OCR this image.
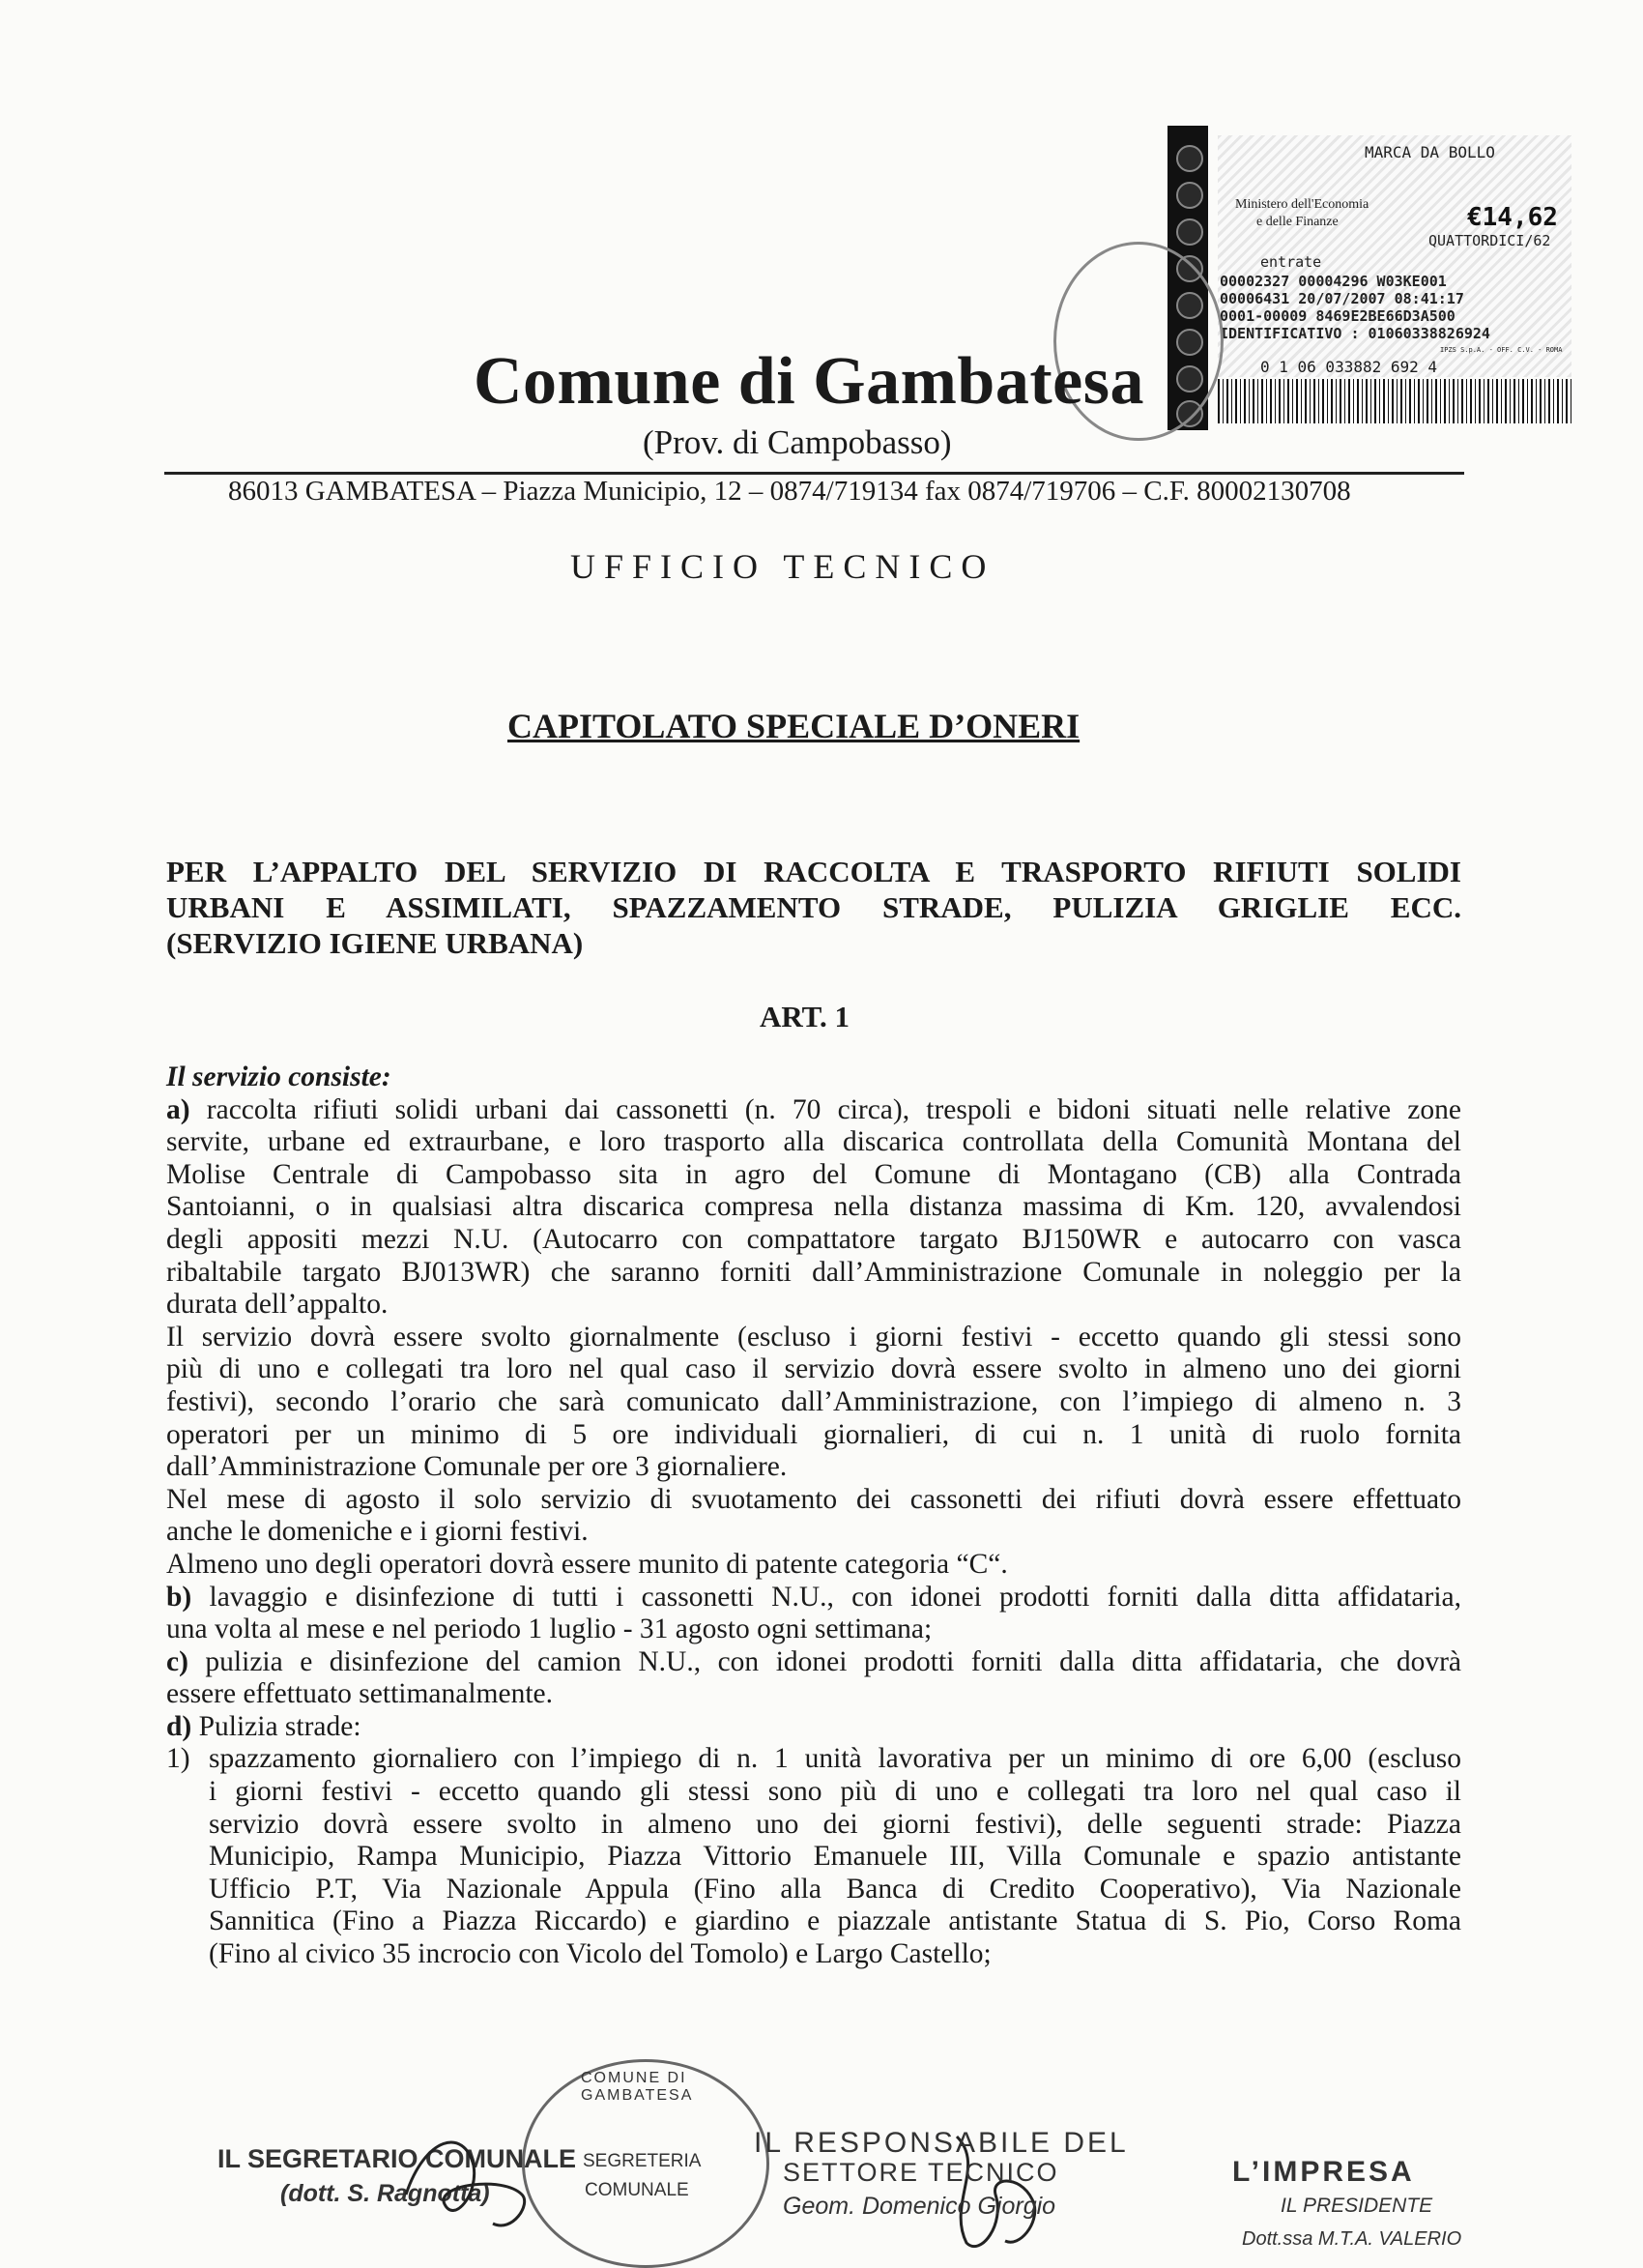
MARCA DA BOLLO
Ministero dell'Economia
e delle Finanze	€14,62
QUATTORDICI/62
entrate
00002327 00004296 W03KE001
00006431 20/07/2007 08:41:17
0001-00009 8469E2BE66D3A500
IDENTIFICATIVO : 01060338826924
IPZS S.p.A. - OFF. C.V. - ROMA
0 1 06 033882 692 4
Comune di Gambatesa
(Prov. di Campobasso)
86013 GAMBATESA – Piazza Municipio, 12 – 0874/719134 fax 0874/719706 – C.F. 80002130708
UFFICIO TECNICO
CAPITOLATO SPECIALE D’ONERI
PER L’APPALTO DEL SERVIZIO DI RACCOLTA E TRASPORTO RIFIUTI SOLIDI
URBANI E ASSIMILATI, SPAZZAMENTO STRADE, PULIZIA GRIGLIE ECC.
(SERVIZIO IGIENE URBANA)
ART. 1
Il servizio consiste:
a) raccolta rifiuti solidi urbani dai cassonetti (n. 70 circa), trespoli e bidoni situati nelle relative zone
servite, urbane ed extraurbane, e loro trasporto alla discarica controllata della Comunità Montana del
Molise Centrale di Campobasso sita in agro del Comune di Montagano (CB) alla Contrada
Santoianni, o in qualsiasi altra discarica compresa nella distanza massima di Km. 120, avvalendosi
degli appositi mezzi N.U. (Autocarro con compattatore targato BJ150WR e autocarro con vasca
ribaltabile targato BJ013WR) che saranno forniti dall’Amministrazione Comunale in noleggio per la
durata dell’appalto.
Il servizio dovrà essere svolto giornalmente (escluso i giorni festivi - eccetto quando gli stessi sono
più di uno e collegati tra loro nel qual caso il servizio dovrà essere svolto in almeno uno dei giorni
festivi), secondo l’orario che sarà comunicato dall’Amministrazione, con l’impiego di almeno n. 3
operatori per un minimo di 5 ore individuali giornalieri, di cui n. 1 unità di ruolo fornita
dall’Amministrazione Comunale per ore 3 giornaliere.
Nel mese di agosto il solo servizio di svuotamento dei cassonetti dei rifiuti dovrà essere effettuato
anche le domeniche e i giorni festivi.
Almeno uno degli operatori dovrà essere munito di patente categoria “C“.
b) lavaggio e disinfezione di tutti i cassonetti N.U., con idonei prodotti forniti dalla ditta affidataria,
una volta al mese e nel periodo 1 luglio - 31 agosto ogni settimana;
c) pulizia e disinfezione del camion N.U., con idonei prodotti forniti dalla ditta affidataria, che dovrà
essere effettuato settimanalmente.
d) Pulizia strade:
1) spazzamento giornaliero con l’impiego di n. 1 unità lavorativa per un minimo di ore 6,00 (escluso
i giorni festivi - eccetto quando gli stessi sono più di uno e collegati tra loro nel qual caso il
servizio dovrà essere svolto in almeno uno dei giorni festivi), delle seguenti strade: Piazza
Municipio, Rampa Municipio, Piazza Vittorio Emanuele III, Villa Comunale e spazio antistante
Ufficio P.T, Via Nazionale Appula (Fino alla Banca di Credito Cooperativo), Via Nazionale
Sannitica (Fino a Piazza Riccardo) e giardino e piazzale antistante Statua di S. Pio, Corso Roma
(Fino al civico 35 incrocio con Vicolo del Tomolo) e Largo Castello;
IL SEGRETARIO COMUNALE
(dott. S. Ragnotta)
COMUNE DI GAMBATESA
SEGRETERIA
COMUNALE
IL RESPONSABILE DEL
SETTORE TECNICO
Geom. Domenico Giorgio
L’IMPRESA
IL PRESIDENTE
Dott.ssa M.T.A. VALERIO
